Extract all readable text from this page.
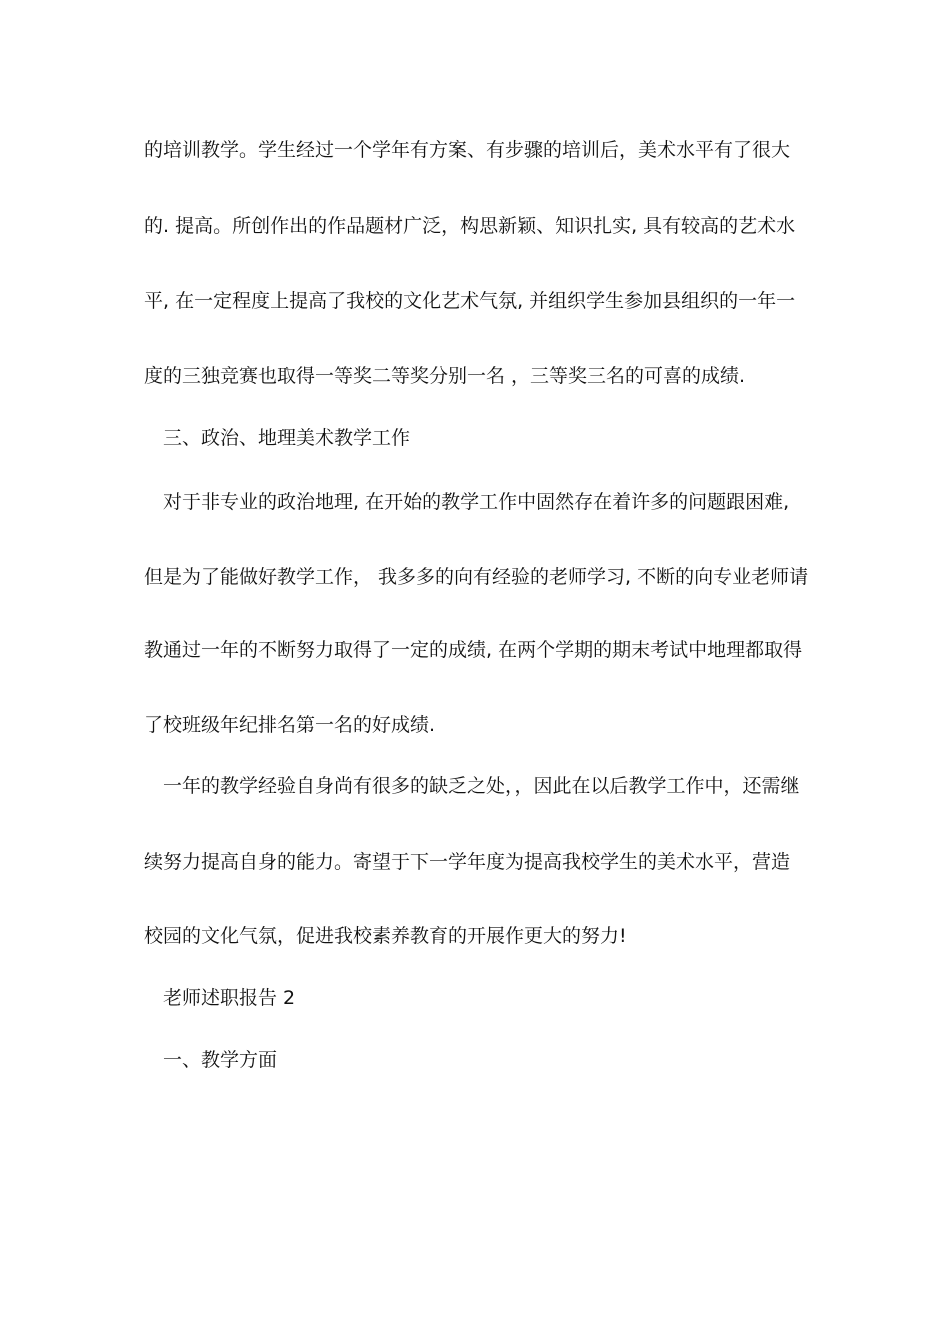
的培训教学。学生经过一个学年有方案、有步骤的培训后，美术水平有了很大
的. 提高。所创作出的作品题材广泛，构思新颖、知识扎实, 具有较高的艺术水
平, 在一定程度上提高了我校的文化艺术气氛, 并组织学生参加县组织的一年一
度的三独竞赛也取得一等奖二等奖分别一名 ，三等奖三名的可喜的成绩.
三、政治、地理美术教学工作
对于非专业的政治地理, 在开始的教学工作中固然存在着许多的问题跟困难,
但是为了能做好教学工作， 我多多的向有经验的老师学习, 不断的向专业老师请
教通过一年的不断努力取得了一定的成绩, 在两个学期的期末考试中地理都取得
了校班级年纪排名第一名的好成绩.
一年的教学经验自身尚有很多的缺乏之处，，因此在以后教学工作中，还需继
续努力提高自身的能力。寄望于下一学年度为提高我校学生的美术水平，营造
校园的文化气氛，促进我校素养教育的开展作更大的努力!
老师述职报告 2
一、教学方面
